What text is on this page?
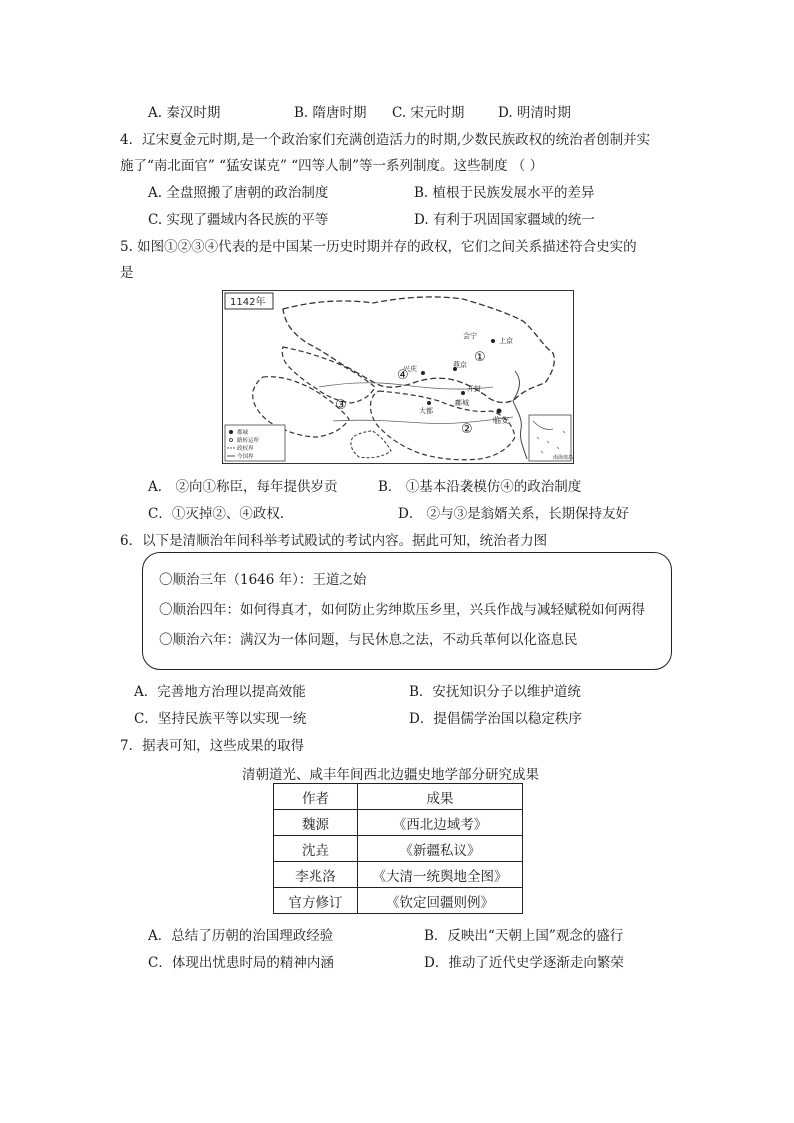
A. 秦汉时期	B. 隋唐时期 C. 宋元时期 D. 明清时期
4．辽宋夏金元时期,是一个政治家们充满创造活力的时期,少数民族政权的统治者创制并实
施了“南北面官” “猛安谋克” “四等人制”等一系列制度。这些制度 （ ）
A. 全盘照搬了唐朝的政治制度	B. 植根于民族发展水平的差异
C. 实现了疆域内各民族的平等	D. 有利于巩固国家疆域的统一
5. 如图①②③④代表的是中国某一历史时期并存的政权，它们之间关系描述符合史实的
是
1142年
会宁
上京
兴庆	燕京
开封
鄜城
大都
临安
①
②
③
④
都城
路转运所
政权界
今国界	南海诸岛
A． ②向①称臣，每年提供岁贡	B． ①基本沿袭模仿④的政治制度
C．①灭掉②、④政权．	D． ②与③是翁婿关系，长期保持友好
6．以下是清顺治年间科举考试殿试的考试内容。据此可知，统治者力图
〇顺治三年（1646 年）：王道之始
〇顺治四年：如何得真才，如何防止劣绅欺压乡里，兴兵作战与减轻赋税如何两得
〇顺治六年：满汉为一体问题，与民休息之法，不动兵革何以化盗息民
A．完善地方治理以提高效能	B．安抚知识分子以维护道统
C．坚持民族平等以实现一统	D．提倡儒学治国以稳定秩序
7．据表可知，这些成果的取得
清朝道光、咸丰年间西北边疆史地学部分研究成果
作者	成果
魏源	《西北边域考》
沈垚	《新疆私议》
李兆洛	《大清一统舆地全图》
官方修订	《钦定回疆则例》
A．总结了历朝的治国理政经验	B．反映出“天朝上国”观念的盛行
C．体现出忧患时局的精神内涵	D．推动了近代史学逐渐走向繁荣
